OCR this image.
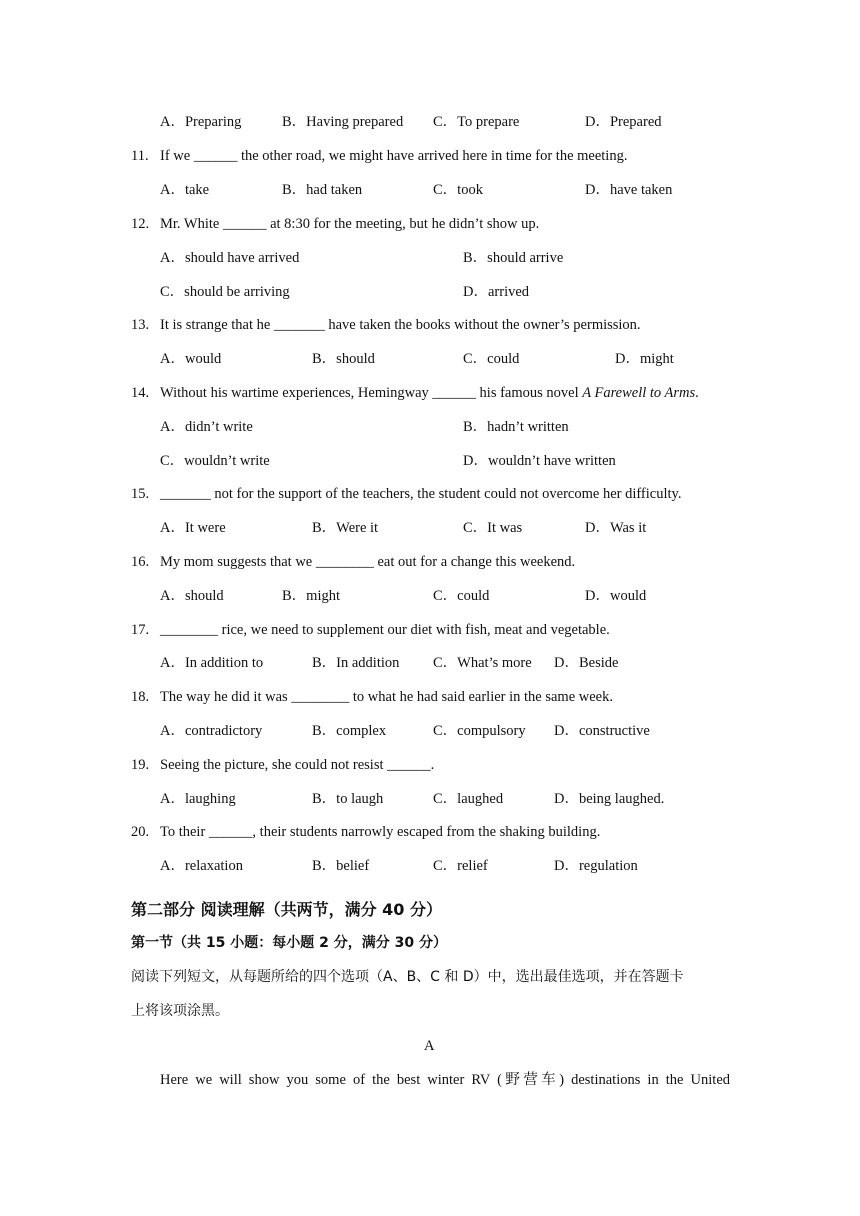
A．Preparing	B．Having prepared C．To prepare	D．Prepared
11. If we ______ the other road, we might have arrived here in time for the meeting.
A．take	B．had taken	C．took	D．have taken
12. Mr. White ______ at 8:30 for the meeting, but he didn’t show up.
A．should have arrived	B．should arrive
C．should be arriving	D．arrived
13. It is strange that he _______ have taken the books without the owner’s permission.
A．would	B．should	C．could	D．might
14. Without his wartime experiences, Hemingway ______ his famous novel A Farewell to Arms.
A．didn’t write	B．hadn’t written
C．wouldn’t write	D．wouldn’t have written
15. _______ not for the support of the teachers, the student could not overcome her difficulty.
A．It were	B．Were it	C．It was	D．Was it
16. My mom suggests that we ________ eat out for a change this weekend.
A．should	B．might	C．could	D．would
17. ________ rice, we need to supplement our diet with fish, meat and vegetable.
A．In addition to	B．In addition C．What’s more D．Beside
18. The way he did it was ________ to what he had said earlier in the same week.
A．contradictory	B．complex	C．compulsory D．constructive
19. Seeing the picture, she could not resist ______.
A．laughing	B．to laugh	C．laughed	D．being laughed.
20. To their ______, their students narrowly escaped from the shaking building.
A．relaxation	B．belief	C．relief	D．regulation
第二部分 阅读理解（共两节，满分 40 分）
第一节（共 15 小题：每小题 2 分，满分 30 分）
阅读下列短文，从每题所给的四个选项（A、B、C 和 D）中，选出最佳选项，并在答题卡
上将该项涂黑。
A
Here we will show you some of the best winter RV (野营车) destinations in the United
